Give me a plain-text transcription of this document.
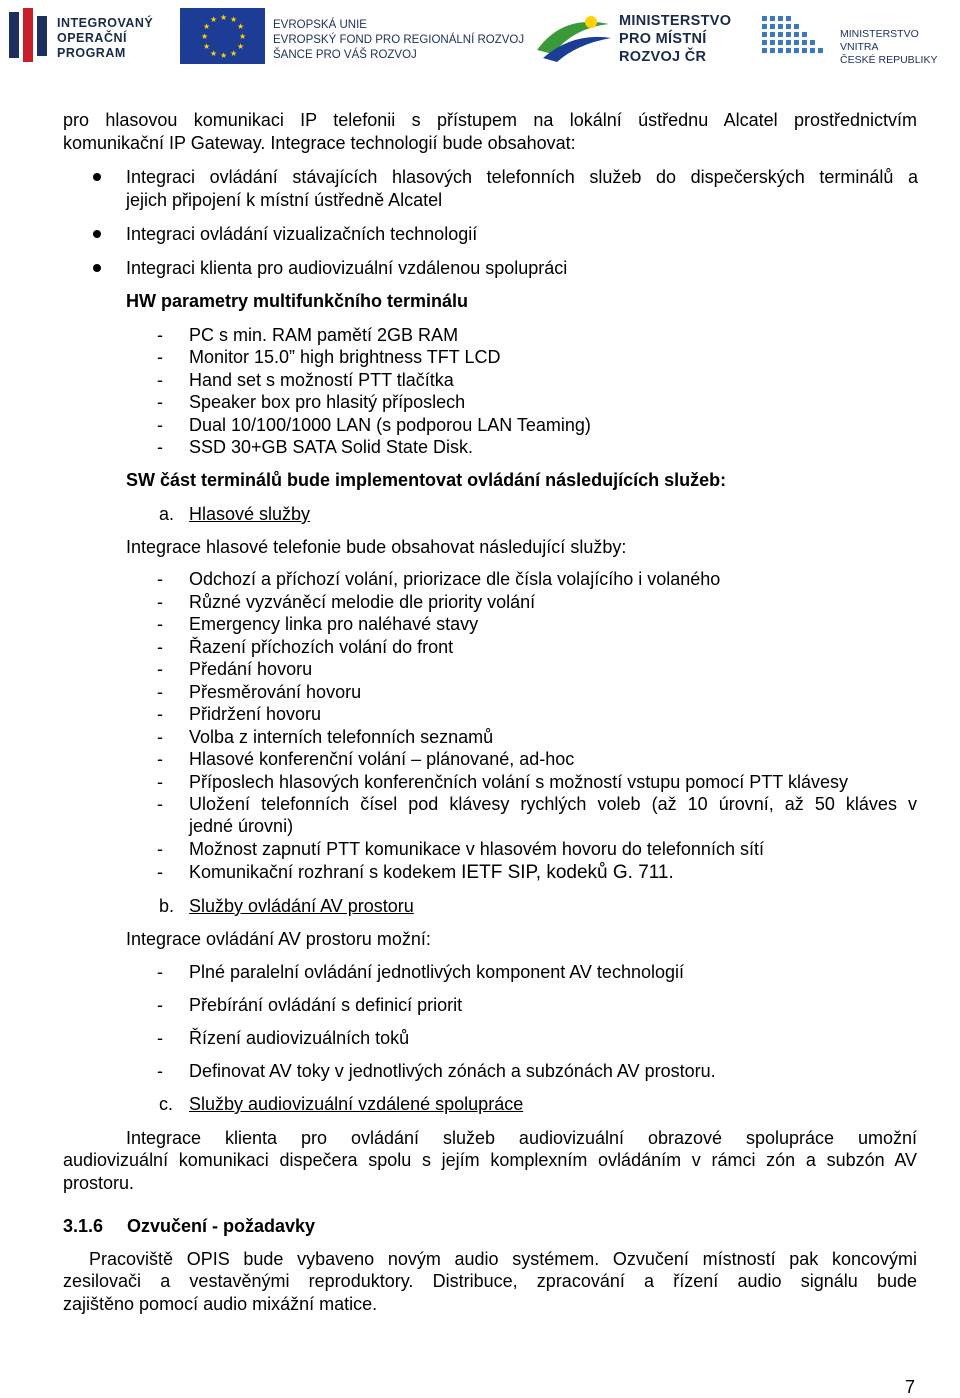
INTEGROVANÝ
OPERAČNÍ
PROGRAM
★ ★
★
★
★
★
★
★
★
★
★
★	EVROPSKÁ UNIE
EVROPSKÝ FOND PRO REGIONÁLNÍ ROZVOJ
ŠANCE PRO VÁŠ ROZVOJ
MINISTERSTVO
PRO MÍSTNÍ
ROZVOJ ČR
MINISTERSTVO VNITRA
ČESKÉ REPUBLIKY
pro hlasovou komunikaci IP telefonii s přístupem na lokální ústřednu Alcatel prostřednictvím
komunikační IP Gateway. Integrace technologií bude obsahovat:
Integraci ovládání stávajících hlasových telefonních služeb do dispečerských terminálů a
jejich připojení k místní ústředně Alcatel
Integraci ovládání vizualizačních technologií
Integraci klienta pro audiovizuální vzdálenou spolupráci
HW parametry multifunkčního terminálu
- PC s min. RAM pamětí 2GB RAM
- Monitor 15.0” high brightness TFT LCD
- Hand set s možností PTT tlačítka
- Speaker box pro hlasitý příposlech
- Dual 10/100/1000 LAN (s podporou LAN Teaming)
- SSD 30+GB SATA Solid State Disk.
SW část terminálů bude implementovat ovládání následujících služeb:
a. Hlasové služby
Integrace hlasové telefonie bude obsahovat následující služby:
- Odchozí a příchozí volání, priorizace dle čísla volajícího i volaného
- Různé vyzváněcí melodie dle priority volání
- Emergency linka pro naléhavé stavy
- Řazení příchozích volání do front
- Předání hovoru
- Přesměrování hovoru
- Přidržení hovoru
- Volba z interních telefonních seznamů
- Hlasové konferenční volání – plánované, ad-hoc
- Příposlech hlasových konferenčních volání s možností vstupu pomocí PTT klávesy
- Uložení telefonních čísel pod klávesy rychlých voleb (až 10 úrovní, až 50 kláves v
jedné úrovni)
- Možnost zapnutí PTT komunikace v hlasovém hovoru do telefonních sítí
- Komunikační rozhraní s kodekem IETF SIP, kodeků G. 711.
b. Služby ovládání AV prostoru
Integrace ovládání AV prostoru možní:
- Plné paralelní ovládání jednotlivých komponent AV technologií
- Přebírání ovládání s definicí priorit
- Řízení audiovizuálních toků
- Definovat AV toky v jednotlivých zónách a subzónách AV prostoru.
c. Služby audiovizuální vzdálené spolupráce
Integrace klienta pro ovládání služeb audiovizuální obrazové spolupráce umožní
audiovizuální komunikaci dispečera spolu s jejím komplexním ovládáním v rámci zón a subzón AV
prostoru.
3.1.6 Ozvučení - požadavky
Pracoviště OPIS bude vybaveno novým audio systémem. Ozvučení místností pak koncovými
zesilovači a vestavěnými reproduktory. Distribuce, zpracování a řízení audio signálu bude
zajištěno pomocí audio mixážní matice.
7
